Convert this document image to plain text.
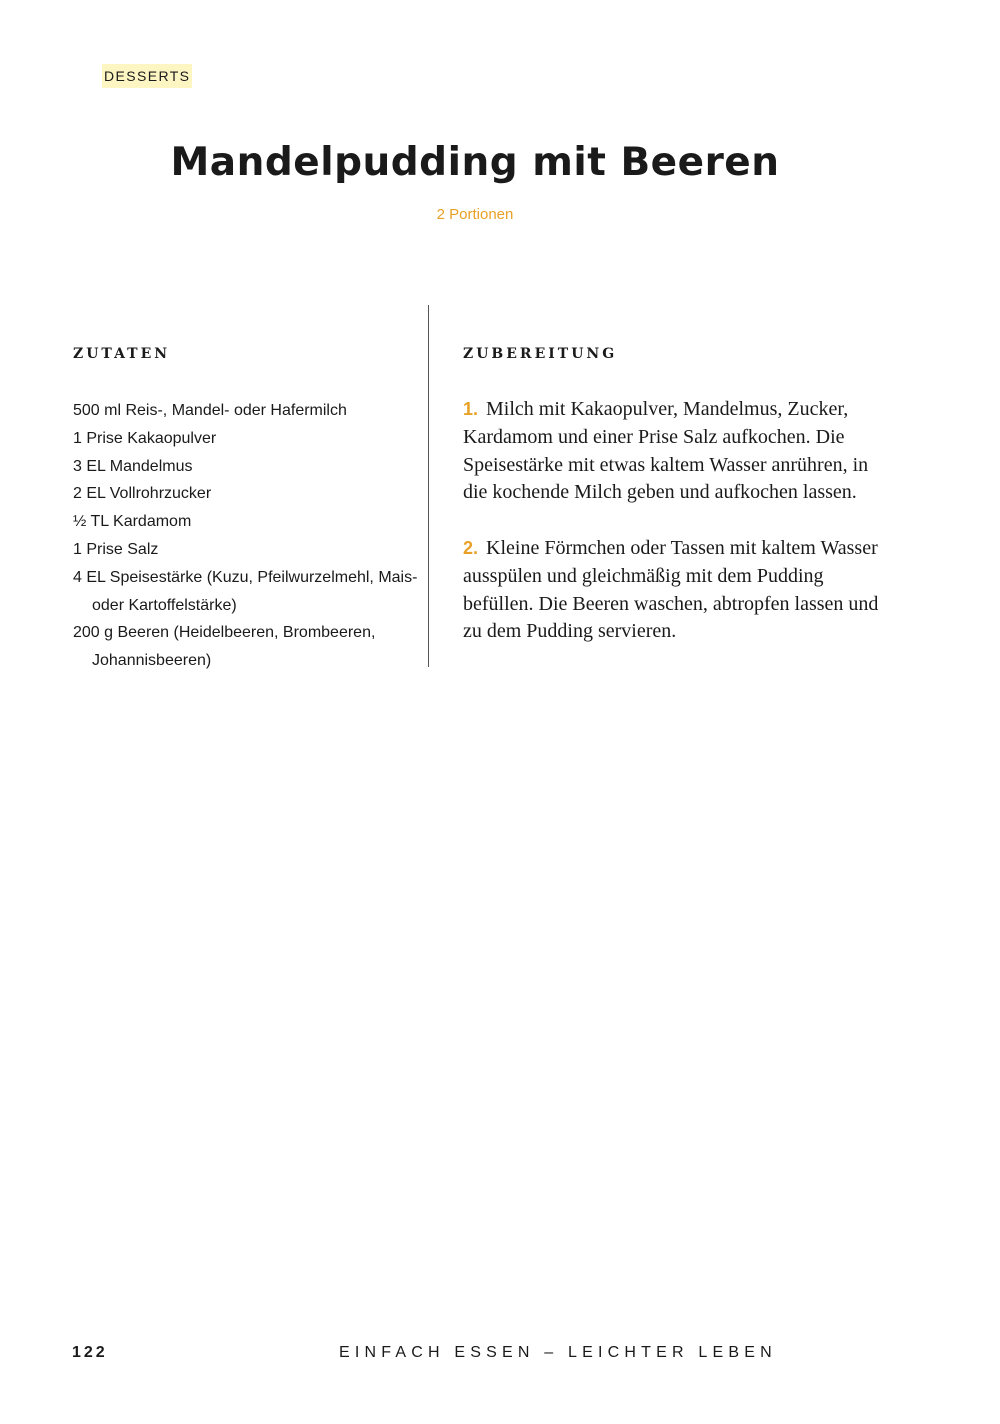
DESSERTS
Mandelpudding mit Beeren
2 Portionen
ZUTATEN
500 ml Reis-, Mandel- oder Hafermilch
1 Prise Kakaopulver
3 EL Mandelmus
2 EL Vollrohrzucker
½ TL Kardamom
1 Prise Salz
4 EL Speisestärke (Kuzu, Pfeilwurzelmehl, Mais- oder Kartoffelstärke)
200 g Beeren (Heidelbeeren, Brombeeren, Johannisbeeren)
ZUBEREITUNG
1. Milch mit Kakaopulver, Mandelmus, Zucker, Kardamom und einer Prise Salz aufkochen. Die Speisestärke mit etwas kaltem Wasser anrühren, in die kochende Milch geben und aufkochen lassen.
2. Kleine Förmchen oder Tassen mit kaltem Wasser ausspülen und gleichmäßig mit dem Pudding befüllen. Die Beeren waschen, abtropfen lassen und zu dem Pudding servieren.
122	EINFACH ESSEN – LEICHTER LEBEN
